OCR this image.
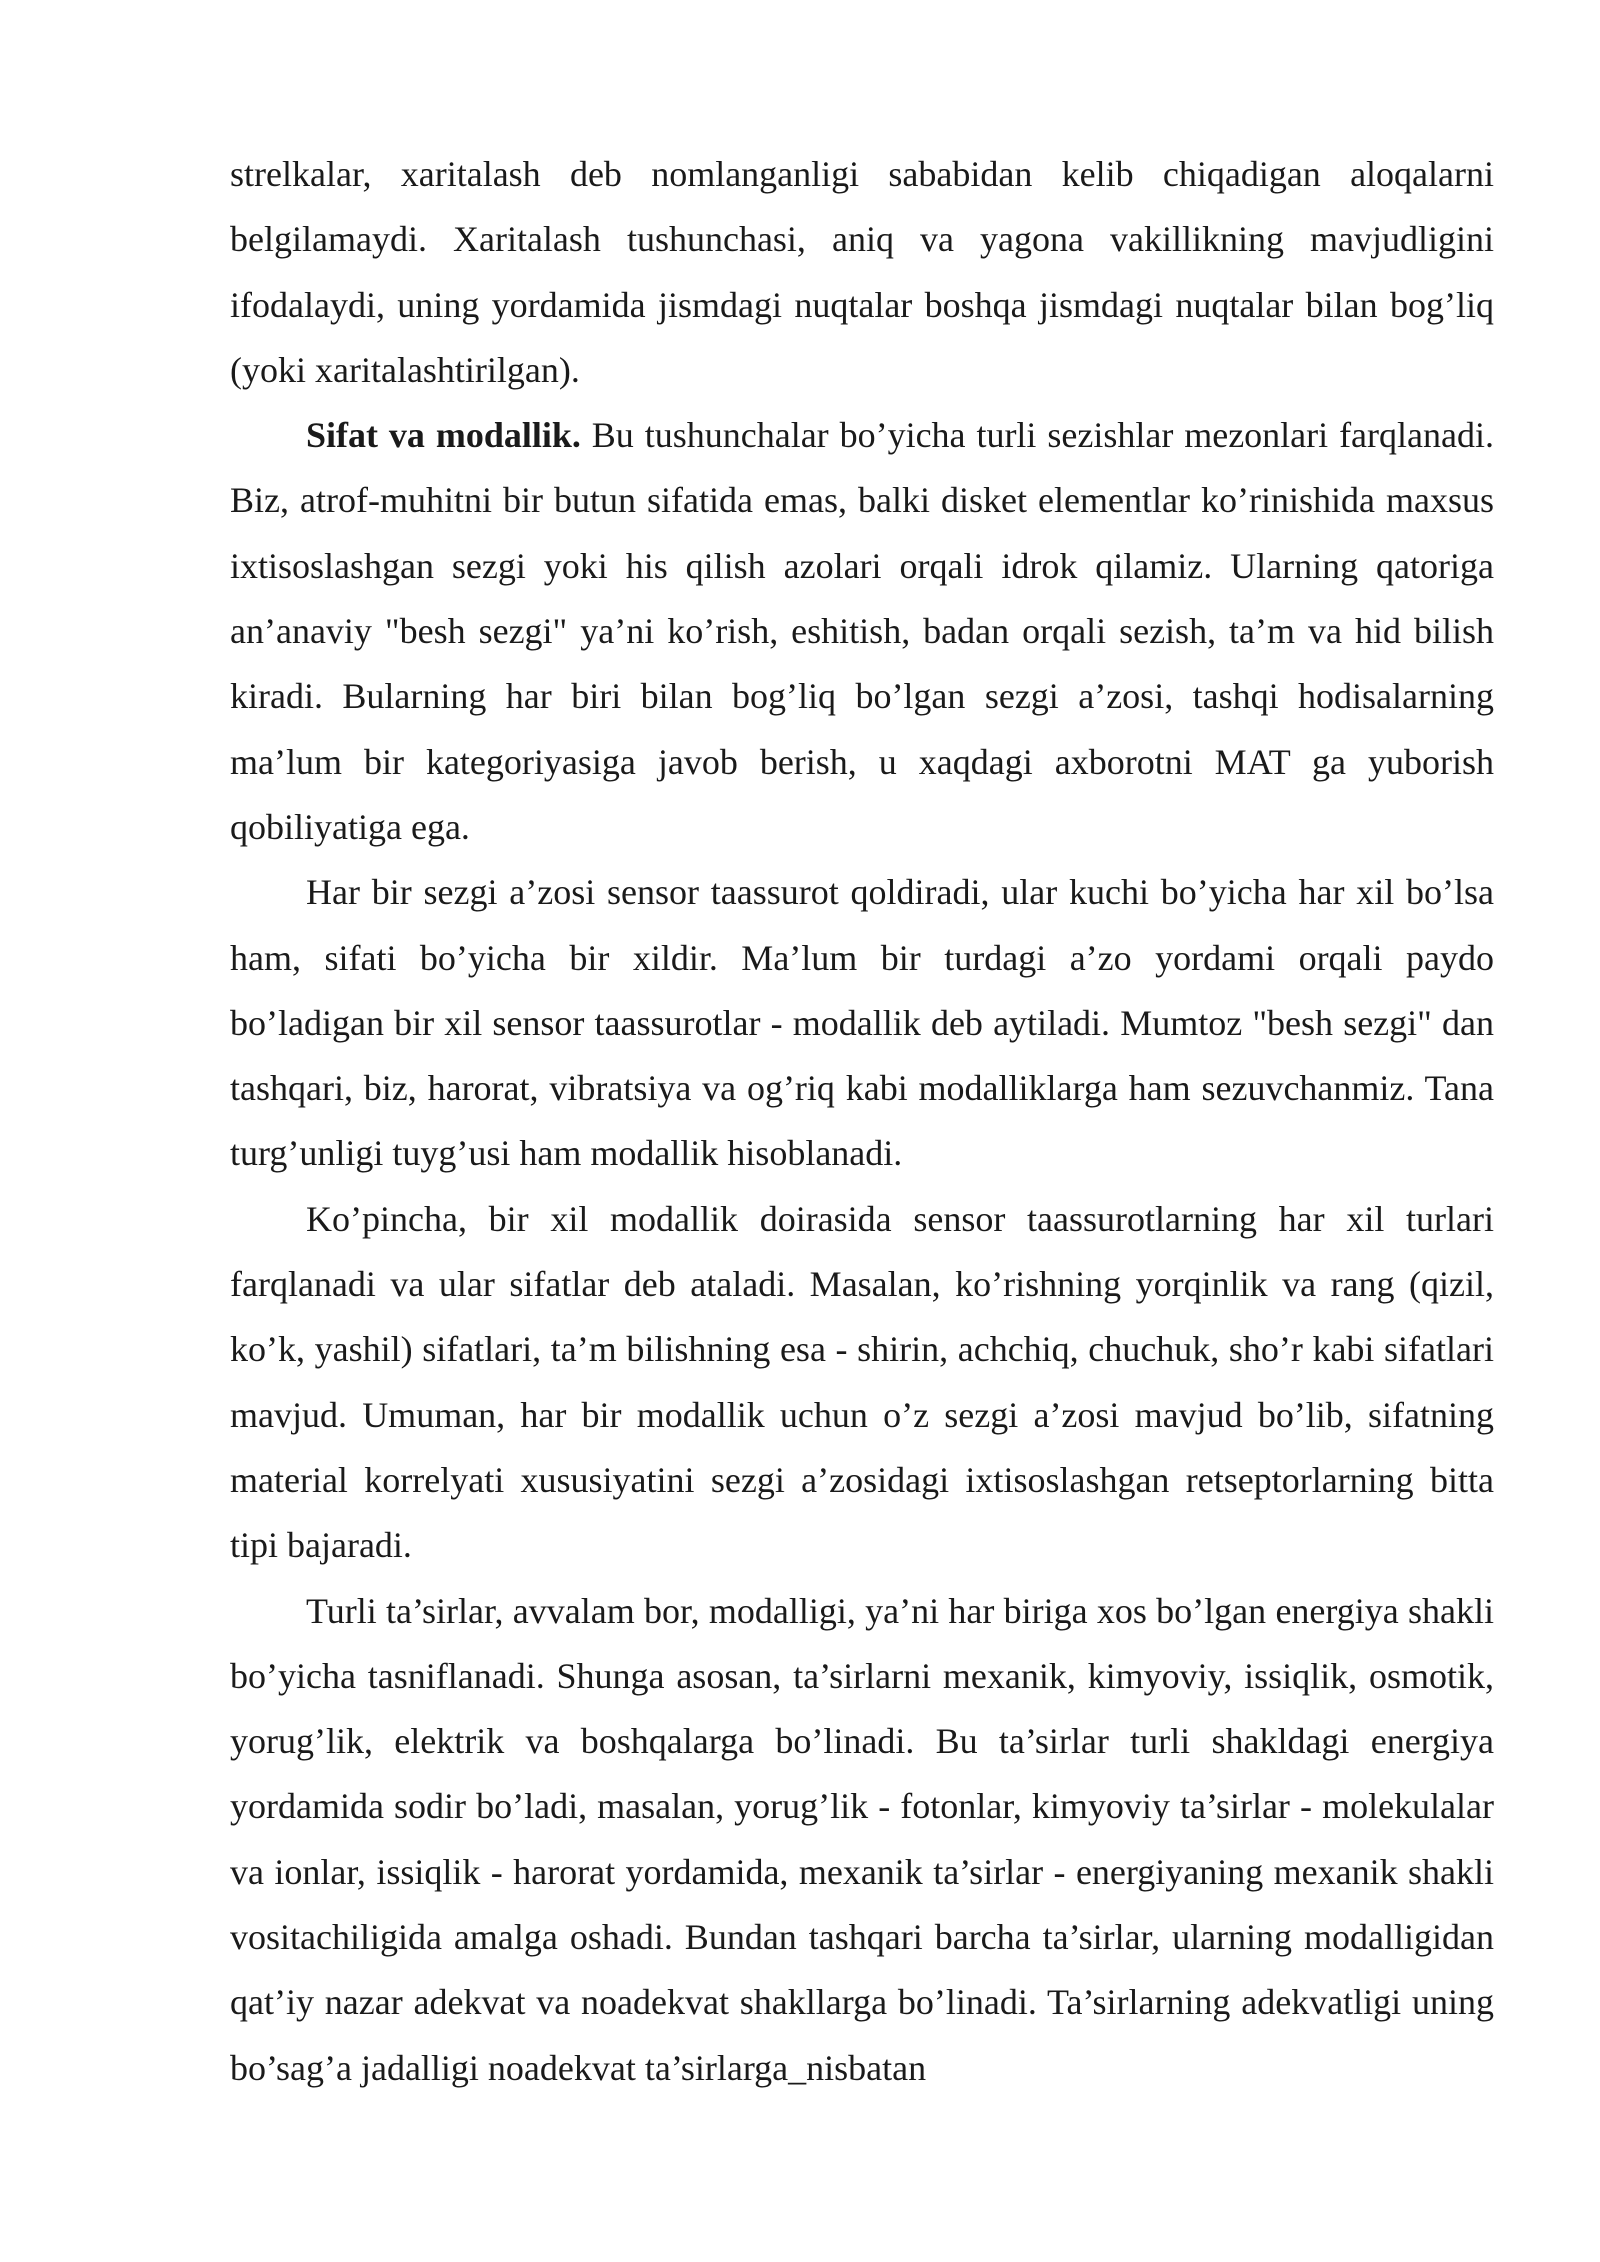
strelkalar, xaritalash deb nomlanganligi sababidan kelib chiqadigan aloqalarni belgilamaydi. Xaritalash tushunchasi, aniq va yagona vakillikning mavjudligini ifodalaydi, uning yordamida jismdagi nuqtalar boshqa jismdagi nuqtalar bilan bog’liq (yoki xaritalashtirilgan).

Sifat va modallik. Bu tushunchalar bo’yicha turli sezishlar mezonlari farqlanadi. Biz, atrof-muhitni bir butun sifatida emas, balki disket elementlar ko’rinishida maxsus ixtisoslashgan sezgi yoki his qilish azolari orqali idrok qilamiz. Ularning qatoriga an’anaviy "besh sezgi" ya’ni ko’rish, eshitish, badan orqali sezish, ta’m va hid bilish kiradi. Bularning har biri bilan bog’liq bo’lgan sezgi a’zosi, tashqi hodisalarning ma’lum bir kategoriyasiga javob berish, u xaqdagi axborotni MAT ga yuborish qobiliyatiga ega.

Har bir sezgi a’zosi sensor taassurot qoldiradi, ular kuchi bo’yicha har xil bo’lsa ham, sifati bo’yicha bir xildir. Ma’lum bir turdagi a’zo yordami orqali paydo bo’ladigan bir xil sensor taassurotlar - modallik deb aytiladi. Mumtoz "besh sezgi" dan tashqari, biz, harorat, vibratsiya va og’riq kabi modalliklarga ham sezuvchanmiz. Tana turg’unligi tuyg’usi ham modallik hisoblanadi.

Ko’pincha, bir xil modallik doirasida sensor taassurotlarning har xil turlari farqlanadi va ular sifatlar deb ataladi. Masalan, ko’rishning yorqinlik va rang (qizil, ko’k, yashil) sifatlari, ta’m bilishning esa - shirin, achchiq, chuchuk, sho’r kabi sifatlari mavjud. Umuman, har bir modallik uchun o’z sezgi a’zosi mavjud bo’lib, sifatning material korrelyati xususiyatini sezgi a’zosidagi ixtisoslashgan retseptorlarning bitta tipi bajaradi.

Turli ta’sirlar, avvalam bor, modalligi, ya’ni har biriga xos bo’lgan energiya shakli bo’yicha tasniflanadi. Shunga asosan, ta’sirlarni mexanik, kimyoviy, issiqlik, osmotik, yorug’lik, elektrik va boshqalarga bo’linadi. Bu ta’sirlar turli shakldagi energiya yordamida sodir bo’ladi, masalan, yorug’lik - fotonlar, kimyoviy ta’sirlar - molekulalar va ionlar, issiqlik - harorat yordamida, mexanik ta’sirlar - energiyaning mexanik shakli vositachiligida amalga oshadi. Bundan tashqari barcha ta’sirlar, ularning modalligidan qat’iy nazar adekvat va noadekvat shakllarga bo’linadi. Ta’sirlarning adekvatligi uning bo’sag’a jadalligi noadekvat ta’sirlarga_nisbatan
